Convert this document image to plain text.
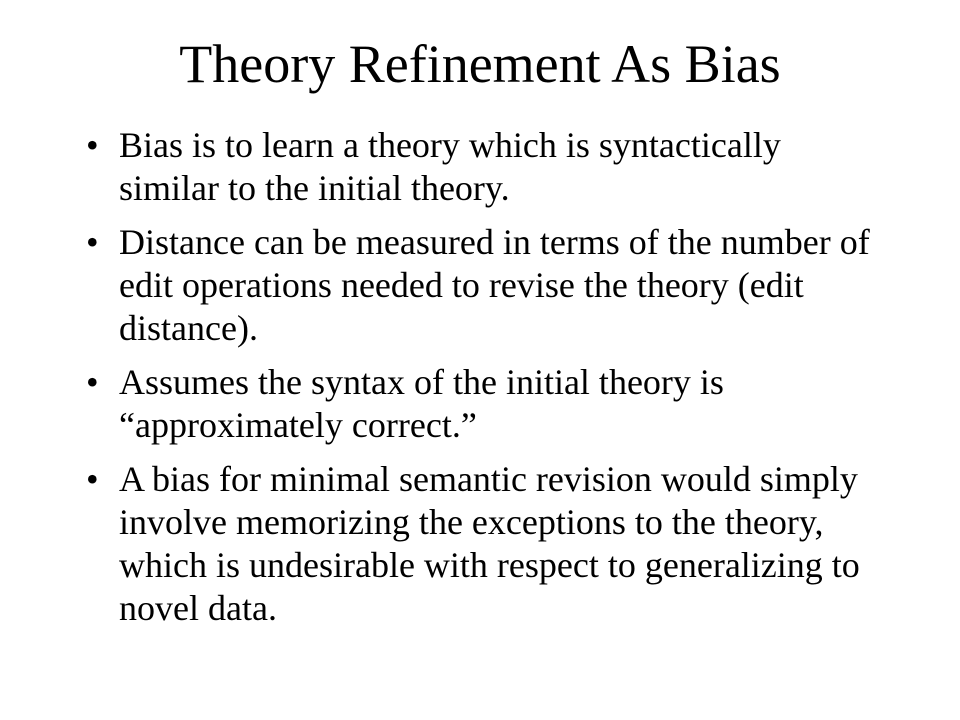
Theory Refinement As Bias
• Bias is to learn a theory which is syntactically similar to the initial theory.
• Distance can be measured in terms of the number of edit operations needed to revise the theory (edit distance).
• Assumes the syntax of the initial theory is “approximately correct.”
• A bias for minimal semantic revision would simply involve memorizing the exceptions to the theory, which is undesirable with respect to generalizing to novel data.
